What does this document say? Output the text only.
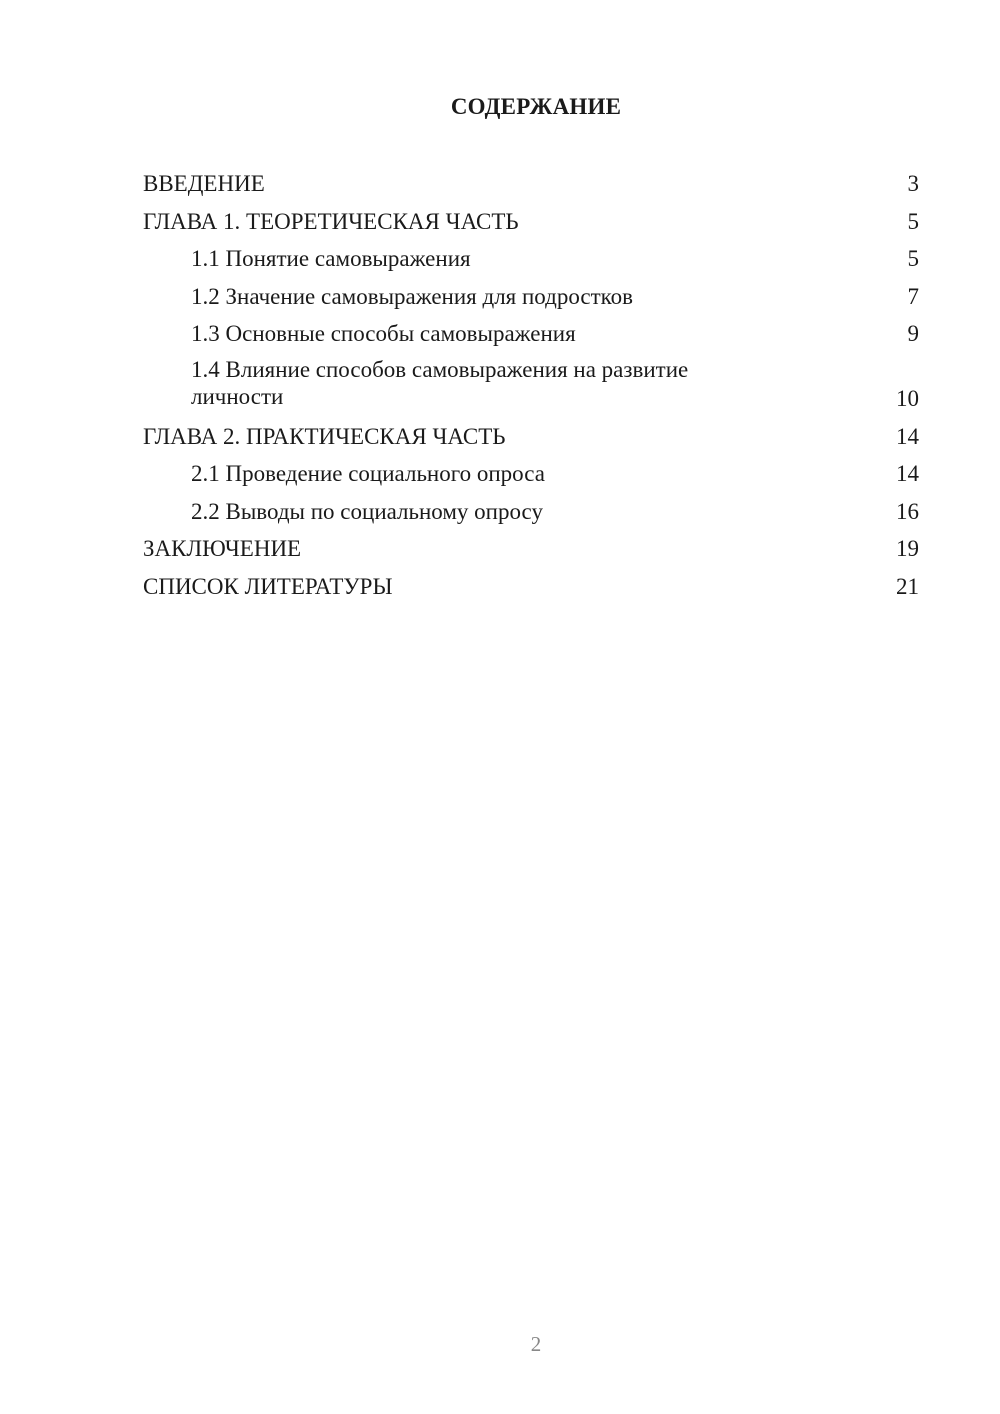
СОДЕРЖАНИЕ
ВВЕДЕНИЕ	3
ГЛАВА 1. ТЕОРЕТИЧЕСКАЯ ЧАСТЬ	5
1.1 Понятие самовыражения	5
1.2 Значение самовыражения для подростков	7
1.3 Основные способы самовыражения	9
1.4 Влияние способов самовыражения на развитие личности	10
ГЛАВА 2. ПРАКТИЧЕСКАЯ ЧАСТЬ	14
2.1 Проведение социального опроса	14
2.2 Выводы по социальному опросу	16
ЗАКЛЮЧЕНИЕ	19
СПИСОК ЛИТЕРАТУРЫ	21
2
